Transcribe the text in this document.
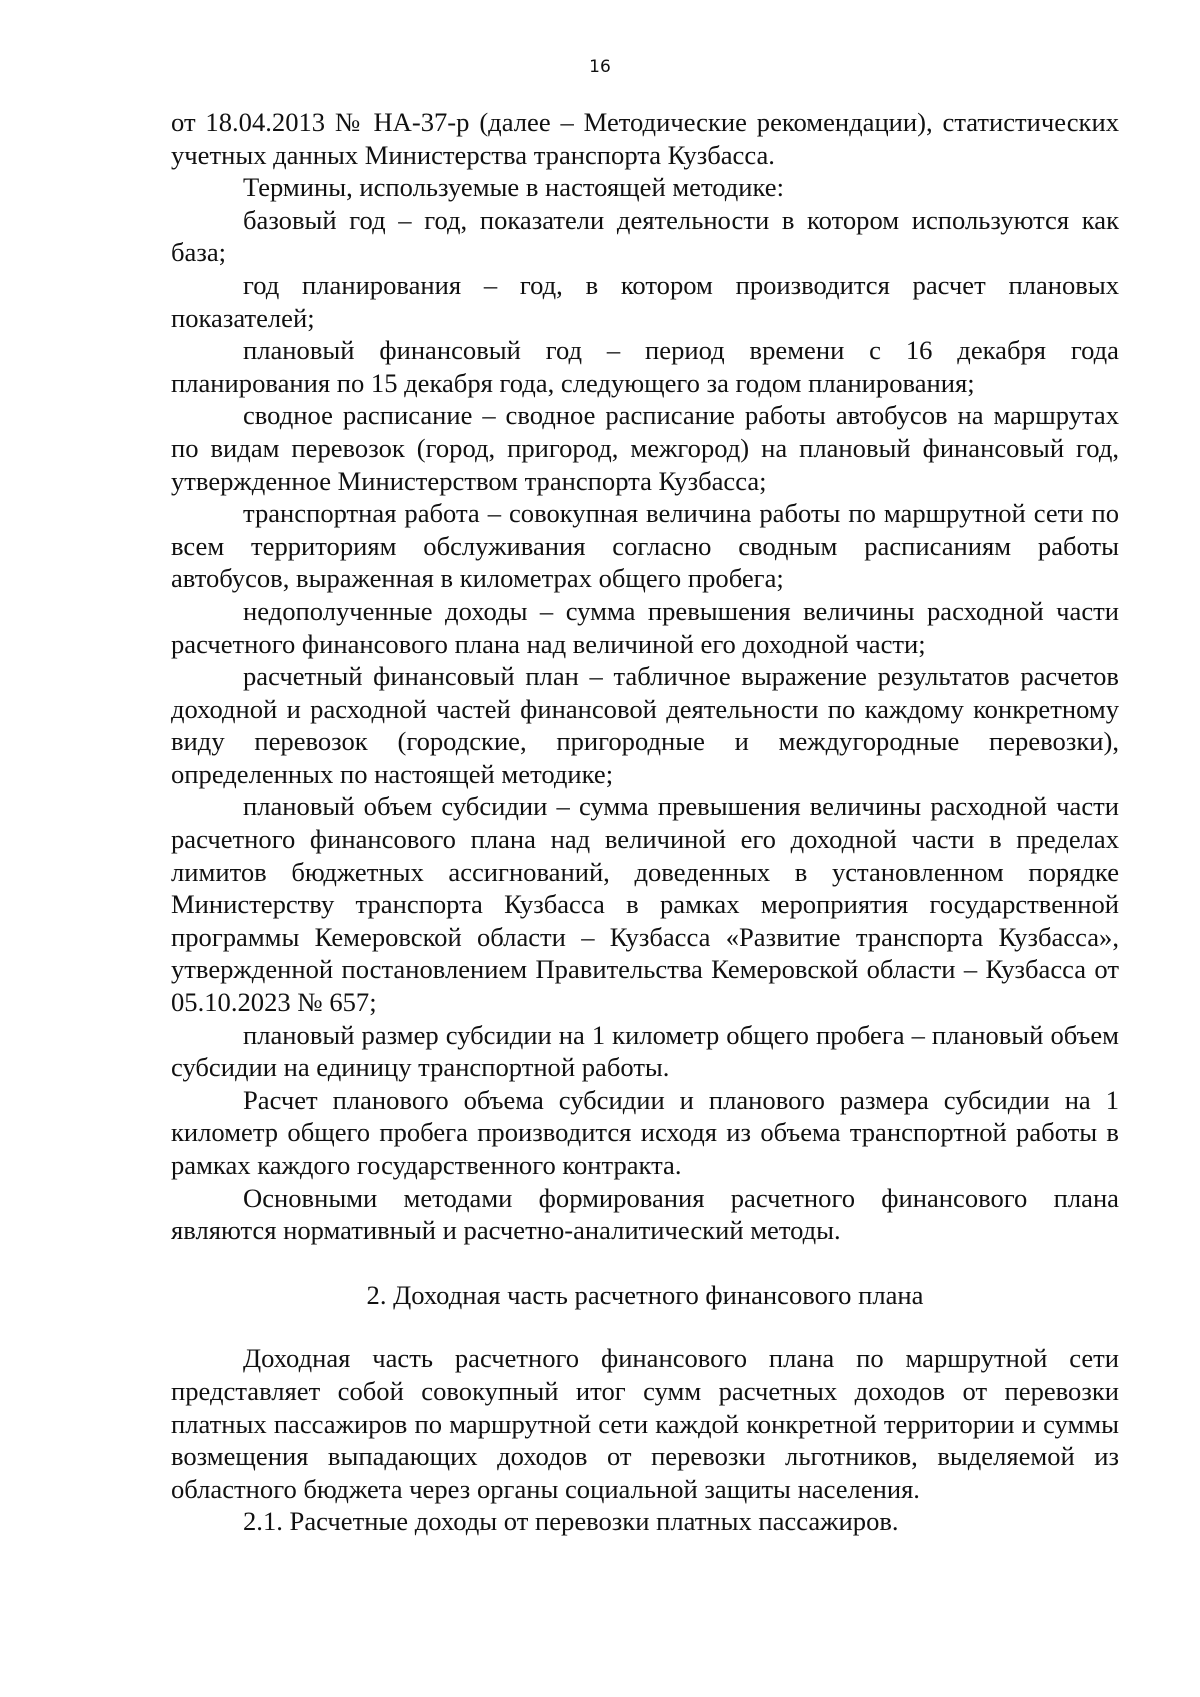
16

от 18.04.2013 № НА-37-р (далее – Методические рекомендации), статистических учетных данных Министерства транспорта Кузбасса.

Термины, используемые в настоящей методике:

базовый год – год, показатели деятельности в котором используются как база;

год планирования – год, в котором производится расчет плановых показателей;

плановый финансовый год – период времени с 16 декабря года планирования по 15 декабря года, следующего за годом планирования;

сводное расписание – сводное расписание работы автобусов на маршрутах по видам перевозок (город, пригород, межгород) на плановый финансовый год, утвержденное Министерством транспорта Кузбасса;

транспортная работа – совокупная величина работы по маршрутной сети по всем территориям обслуживания согласно сводным расписаниям работы автобусов, выраженная в километрах общего пробега;

недополученные доходы – сумма превышения величины расходной части расчетного финансового плана над величиной его доходной части;

расчетный финансовый план – табличное выражение результатов расчетов доходной и расходной частей финансовой деятельности по каждому конкретному виду перевозок (городские, пригородные и междугородные перевозки), определенных по настоящей методике;

плановый объем субсидии – сумма превышения величины расходной части расчетного финансового плана над величиной его доходной части в пределах лимитов бюджетных ассигнований, доведенных в установленном порядке Министерству транспорта Кузбасса в рамках мероприятия государственной программы Кемеровской области – Кузбасса «Развитие транспорта Кузбасса», утвержденной постановлением Правительства Кемеровской области – Кузбасса от 05.10.2023 № 657;

плановый размер субсидии на 1 километр общего пробега – плановый объем субсидии на единицу транспортной работы.

Расчет планового объема субсидии и планового размера субсидии на 1 километр общего пробега производится исходя из объема транспортной работы в рамках каждого государственного контракта.

Основными методами формирования расчетного финансового плана являются нормативный и расчетно-аналитический методы.

2. Доходная часть расчетного финансового плана

Доходная часть расчетного финансового плана по маршрутной сети представляет собой совокупный итог сумм расчетных доходов от перевозки платных пассажиров по маршрутной сети каждой конкретной территории и суммы возмещения выпадающих доходов от перевозки льготников, выделяемой из областного бюджета через органы социальной защиты населения.

2.1. Расчетные доходы от перевозки платных пассажиров.
